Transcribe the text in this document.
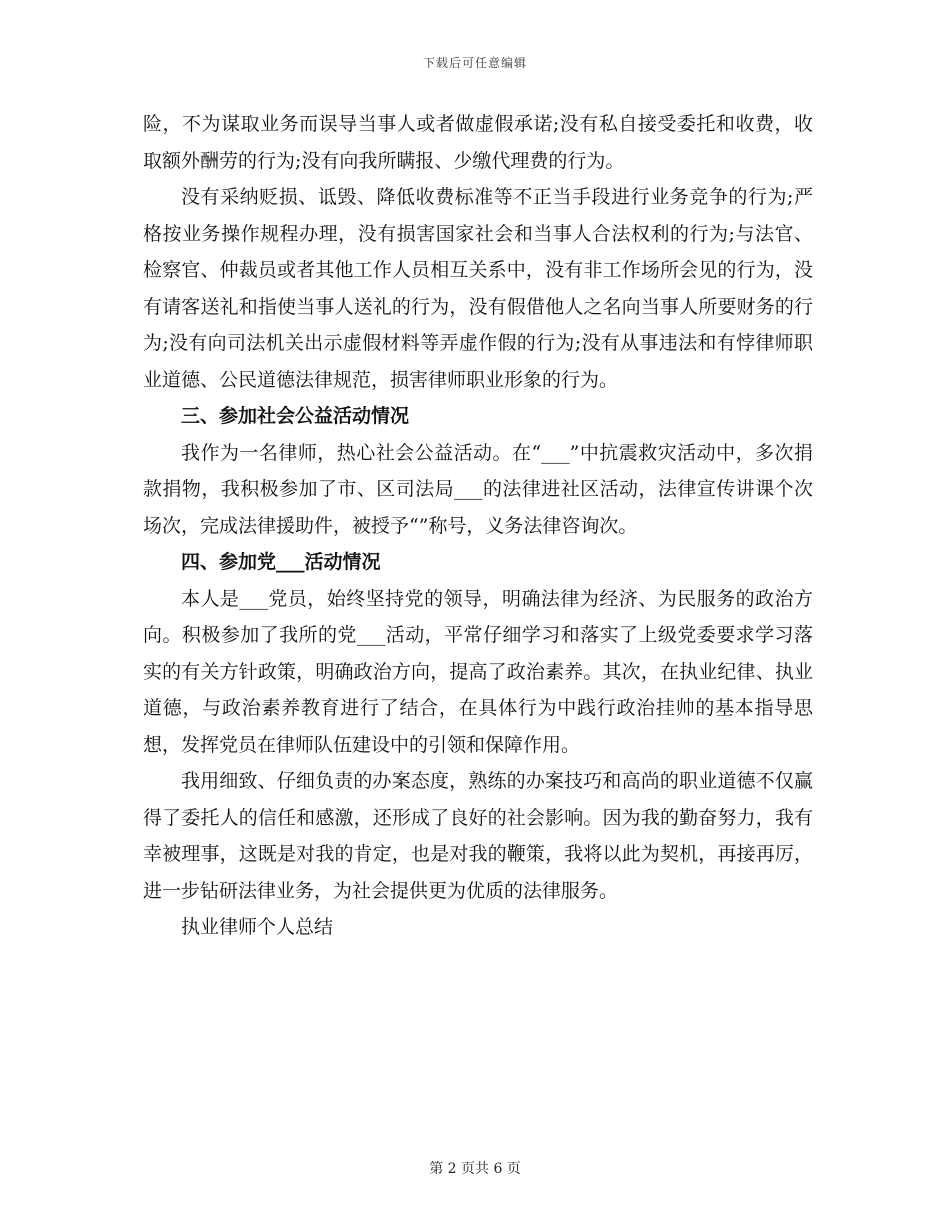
下载后可任意编辑

险，不为谋取业务而误导当事人或者做虚假承诺;没有私自接受委托和收费，收取额外酬劳的行为;没有向我所瞒报、少缴代理费的行为。

没有采纳贬损、诋毁、降低收费标准等不正当手段进行业务竞争的行为;严格按业务操作规程办理，没有损害国家社会和当事人合法权利的行为;与法官、检察官、仲裁员或者其他工作人员相互关系中，没有非工作场所会见的行为，没有请客送礼和指使当事人送礼的行为，没有假借他人之名向当事人所要财务的行为;没有向司法机关出示虚假材料等弄虚作假的行为;没有从事违法和有悖律师职业道德、公民道德法律规范，损害律师职业形象的行为。

三、参加社会公益活动情况

我作为一名律师，热心社会公益活动。在“___”中抗震救灾活动中，多次捐款捐物，我积极参加了市、区司法局___的法律进社区活动，法律宣传讲课个次场次，完成法律援助件，被授予“”称号，义务法律咨询次。

四、参加党___活动情况

本人是___党员，始终坚持党的领导，明确法律为经济、为民服务的政治方向。积极参加了我所的党___活动，平常仔细学习和落实了上级党委要求学习落实的有关方针政策，明确政治方向，提高了政治素养。其次，在执业纪律、执业道德，与政治素养教育进行了结合，在具体行为中践行政治挂帅的基本指导思想，发挥党员在律师队伍建设中的引领和保障作用。

我用细致、仔细负责的办案态度，熟练的办案技巧和高尚的职业道德不仅赢得了委托人的信任和感激，还形成了良好的社会影响。因为我的勤奋努力，我有幸被理事，这既是对我的肯定，也是对我的鞭策，我将以此为契机，再接再厉，进一步钻研法律业务，为社会提供更为优质的法律服务。

执业律师个人总结

第 2 页共 6 页
